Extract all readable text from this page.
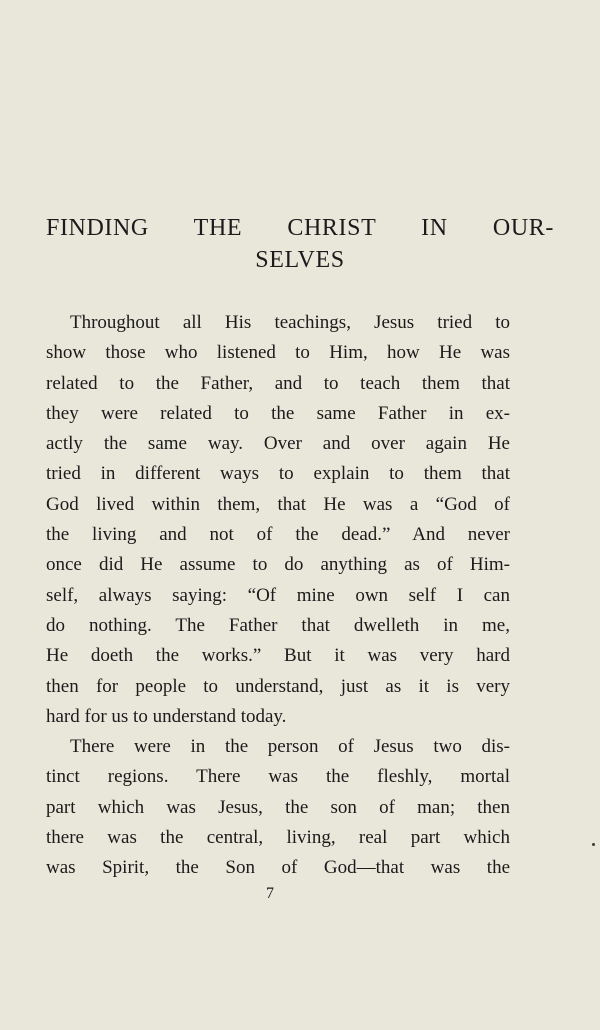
FINDING THE CHRIST IN OUR-
SELVES

Throughout all His teachings, Jesus tried to
show those who listened to Him, how He was
related to the Father, and to teach them that
they were related to the same Father in ex-
actly the same way. Over and over again He
tried in different ways to explain to them that
God lived within them, that He was a “God of
the living and not of the dead.” And never
once did He assume to do anything as of Him-
self, always saying: “Of mine own self I can
do nothing. The Father that dwelleth in me,
He doeth the works.” But it was very hard
then for people to understand, just as it is very
hard for us to understand today.

There were in the person of Jesus two dis-
tinct regions. There was the fleshly, mortal
part which was Jesus, the son of man; then
there was the central, living, real part which
was Spirit, the Son of God—that was the

7
